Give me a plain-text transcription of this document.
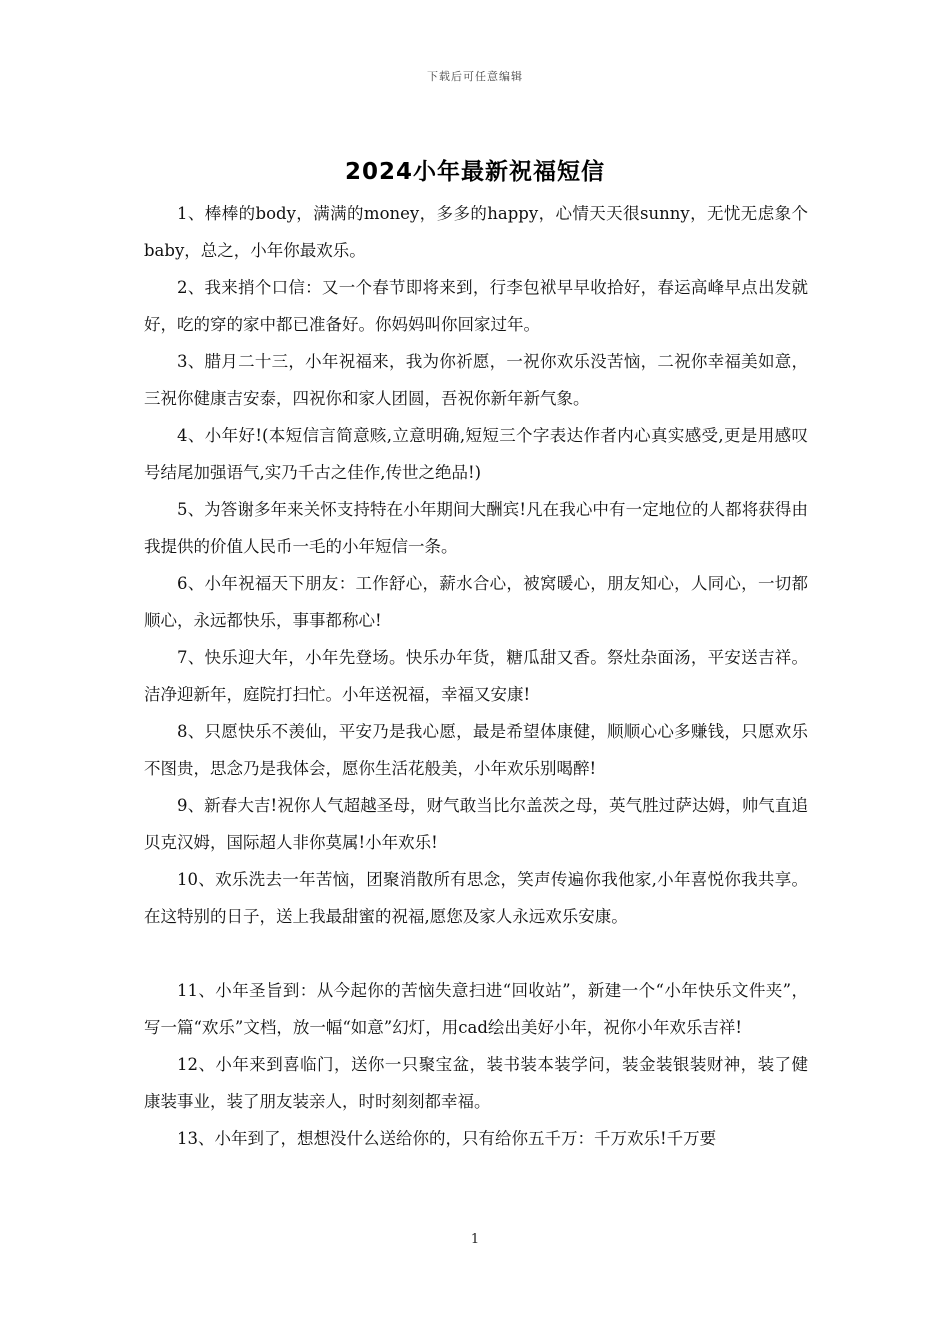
下载后可任意编辑
2024小年最新祝福短信

1、棒棒的body，满满的money，多多的happy，心情天天很sunny，无忧无虑象个baby，总之，小年你最欢乐。

2、我来捎个口信：又一个春节即将来到，行李包袱早早收拾好，春运高峰早点出发就好，吃的穿的家中都已准备好。你妈妈叫你回家过年。

3、腊月二十三，小年祝福来，我为你祈愿，一祝你欢乐没苦恼，二祝你幸福美如意，三祝你健康吉安泰，四祝你和家人团圆，吾祝你新年新气象。

4、小年好!(本短信言简意赅,立意明确,短短三个字表达作者内心真实感受,更是用感叹号结尾加强语气,实乃千古之佳作,传世之绝品!)

5、为答谢多年来关怀支持特在小年期间大酬宾!凡在我心中有一定地位的人都将获得由我提供的价值人民币一毛的小年短信一条。

6、小年祝福天下朋友：工作舒心，薪水合心，被窝暖心，朋友知心，人同心，一切都顺心，永远都快乐，事事都称心!

7、快乐迎大年，小年先登场。快乐办年货，糖瓜甜又香。祭灶杂面汤，平安送吉祥。洁净迎新年，庭院打扫忙。小年送祝福，幸福又安康!

8、只愿快乐不羡仙，平安乃是我心愿，最是希望体康健，顺顺心心多赚钱，只愿欢乐不图贵，思念乃是我体会，愿你生活花般美，小年欢乐别喝醉!

9、新春大吉!祝你人气超越圣母，财气敢当比尔盖茨之母，英气胜过萨达姆，帅气直追贝克汉姆，国际超人非你莫属!小年欢乐!

10、欢乐洗去一年苦恼，团聚消散所有思念，笑声传遍你我他家,小年喜悦你我共享。在这特别的日子，送上我最甜蜜的祝福,愿您及家人永远欢乐安康。

11、小年圣旨到：从今起你的苦恼失意扫进“回收站”，新建一个“小年快乐文件夹”，写一篇“欢乐”文档，放一幅“如意”幻灯，用cad绘出美好小年，祝你小年欢乐吉祥!

12、小年来到喜临门，送你一只聚宝盆，装书装本装学问，装金装银装财神，装了健康装事业，装了朋友装亲人，时时刻刻都幸福。

13、小年到了，想想没什么送给你的，只有给你五千万：千万欢乐!千万要

1
